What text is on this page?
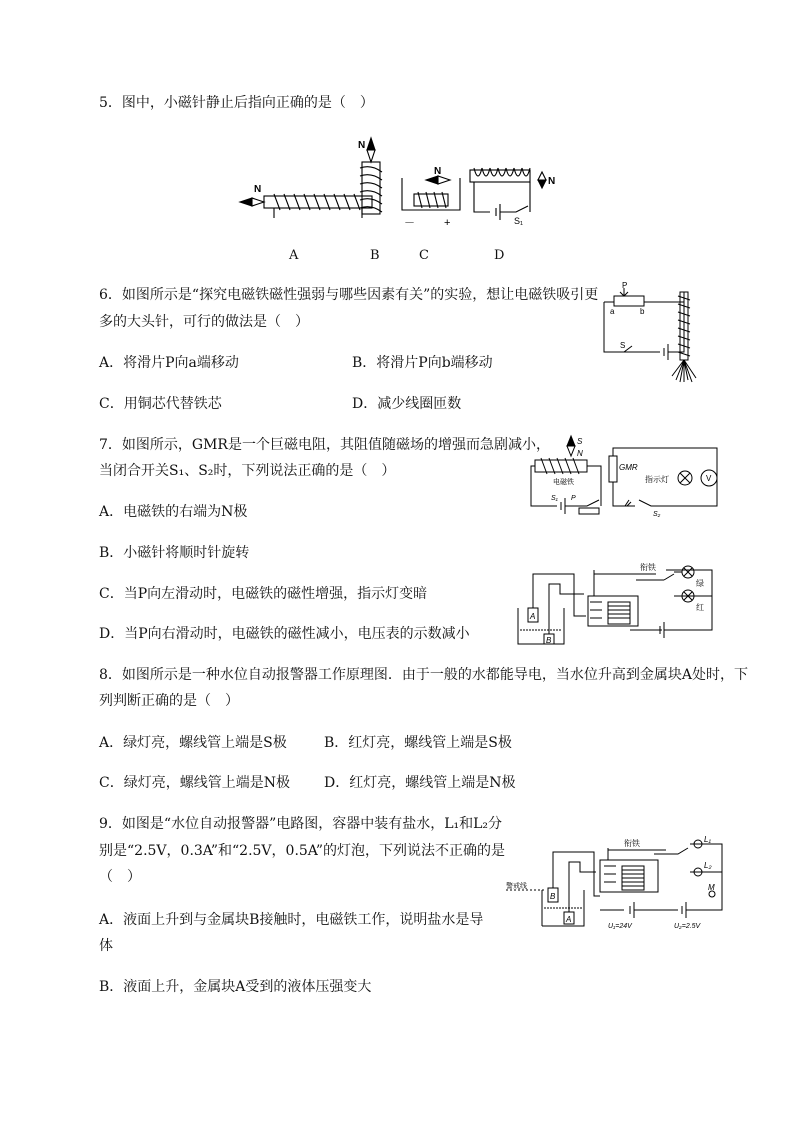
5．图中，小磁针静止后指向正确的是（　）
N
N
N
－	+
N
S₁
A	B	C	D
6．如图所示是“探究电磁铁磁性强弱与哪些因素有关”的实验，想让电磁铁吸引更
多的大头针，可行的做法是（　）
P
a	b
S
A．将滑片P向a端移动	B．将滑片P向b端移动
C．用铜芯代替铁芯	D．减少线圈匝数
7．如图所示，GMR是一个巨磁电阻，其阻值随磁场的增强而急剧减小，
当闭合开关S₁、S₂时，下列说法正确的是（　）
S
N
GMR
电磁铁	指示灯	V
S₁ P
S₂
A．电磁铁的右端为N极
B．小磁针将顺时针旋转
C．当P向左滑动时，电磁铁的磁性增强，指示灯变暗
D．当P向右滑动时，电磁铁的磁性减小，电压表的示数减小
衔铁
绿
红
A
B
8．如图所示是一种水位自动报警器工作原理图．由于一般的水都能导电，当水位升高到金属块A处时，下
列判断正确的是（　）
A．绿灯亮，螺线管上端是S极	B．红灯亮，螺线管上端是S极
C．绿灯亮，螺线管上端是N极 D．红灯亮，螺线管上端是N极
9．如图是“水位自动报警器”电路图，容器中装有盐水，L₁和L₂分
别是“2.5V，0.3A”和“2.5V，0.5A”的灯泡，下列说法不正确的是
（　）
衔铁	L₁
L₂
M
B
A
警戒线
U₁=24V	U₂=2.5V
A．液面上升到与金属块B接触时，电磁铁工作，说明盐水是导
体
B．液面上升，金属块A受到的液体压强变大
